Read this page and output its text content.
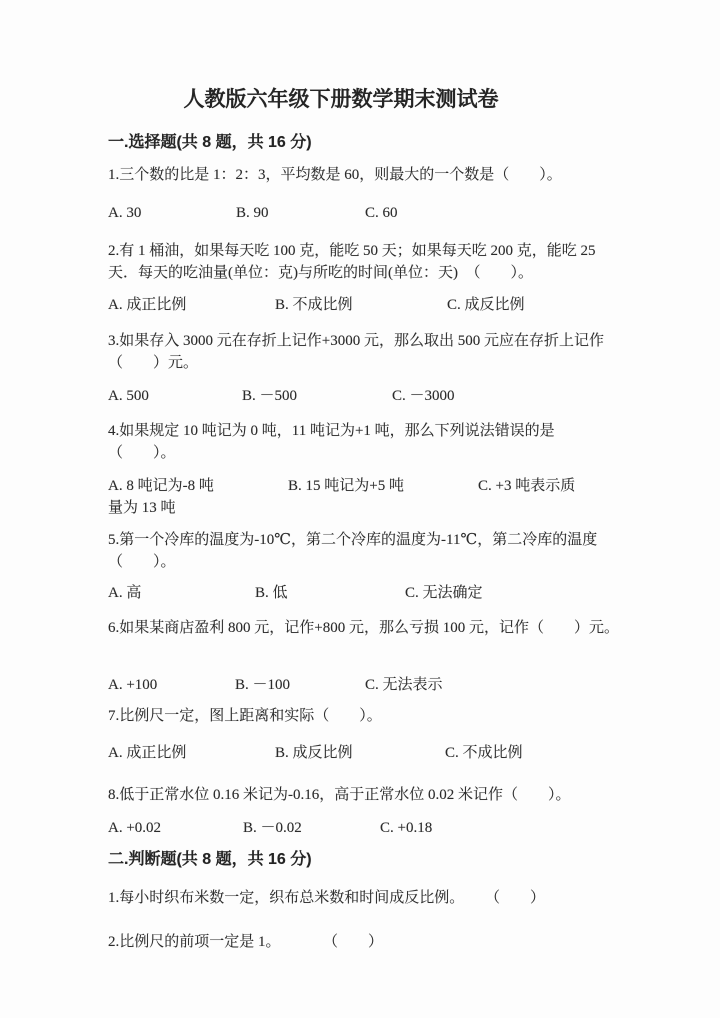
人教版六年级下册数学期末测试卷
一.选择题(共 8 题，共 16 分)
1.三个数的比是 1：2：3，平均数是 60，则最大的一个数是（　　）。
A. 30	B. 90	C. 60
2.有 1 桶油，如果每天吃 100 克，能吃 50 天；如果每天吃 200 克，能吃 25
天．每天的吃油量(单位：克)与所吃的时间(单位：天)　（　　）。
A. 成正比例	B. 不成比例	C. 成反比例
3.如果存入 3000 元在存折上记作+3000 元，那么取出 500 元应在存折上记作
（　　）元。
A. 500	B. －500	C. －3000
4.如果规定 10 吨记为 0 吨，11 吨记为+1 吨，那么下列说法错误的是
（　　）。
A. 8 吨记为-8 吨	B. 15 吨记为+5 吨	C. +3 吨表示质
量为 13 吨
5.第一个冷库的温度为-10℃，第二个冷库的温度为-11℃，第二冷库的温度
（　　）。
A. 高	B. 低	C. 无法确定
6.如果某商店盈利 800 元，记作+800 元，那么亏损 100 元，记作（　　）元。
A. +100	B. －100	C. 无法表示
7.比例尺一定，图上距离和实际（　　）。
A. 成正比例	B. 成反比例	C. 不成比例
8.低于正常水位 0.16 米记为-0.16，高于正常水位 0.02 米记作（　　）。
A. +0.02	B. －0.02	C. +0.18
二.判断题(共 8 题，共 16 分)
1.每小时织布米数一定，织布总米数和时间成反比例。 （　　）
2.比例尺的前项一定是 1。	（　　）
